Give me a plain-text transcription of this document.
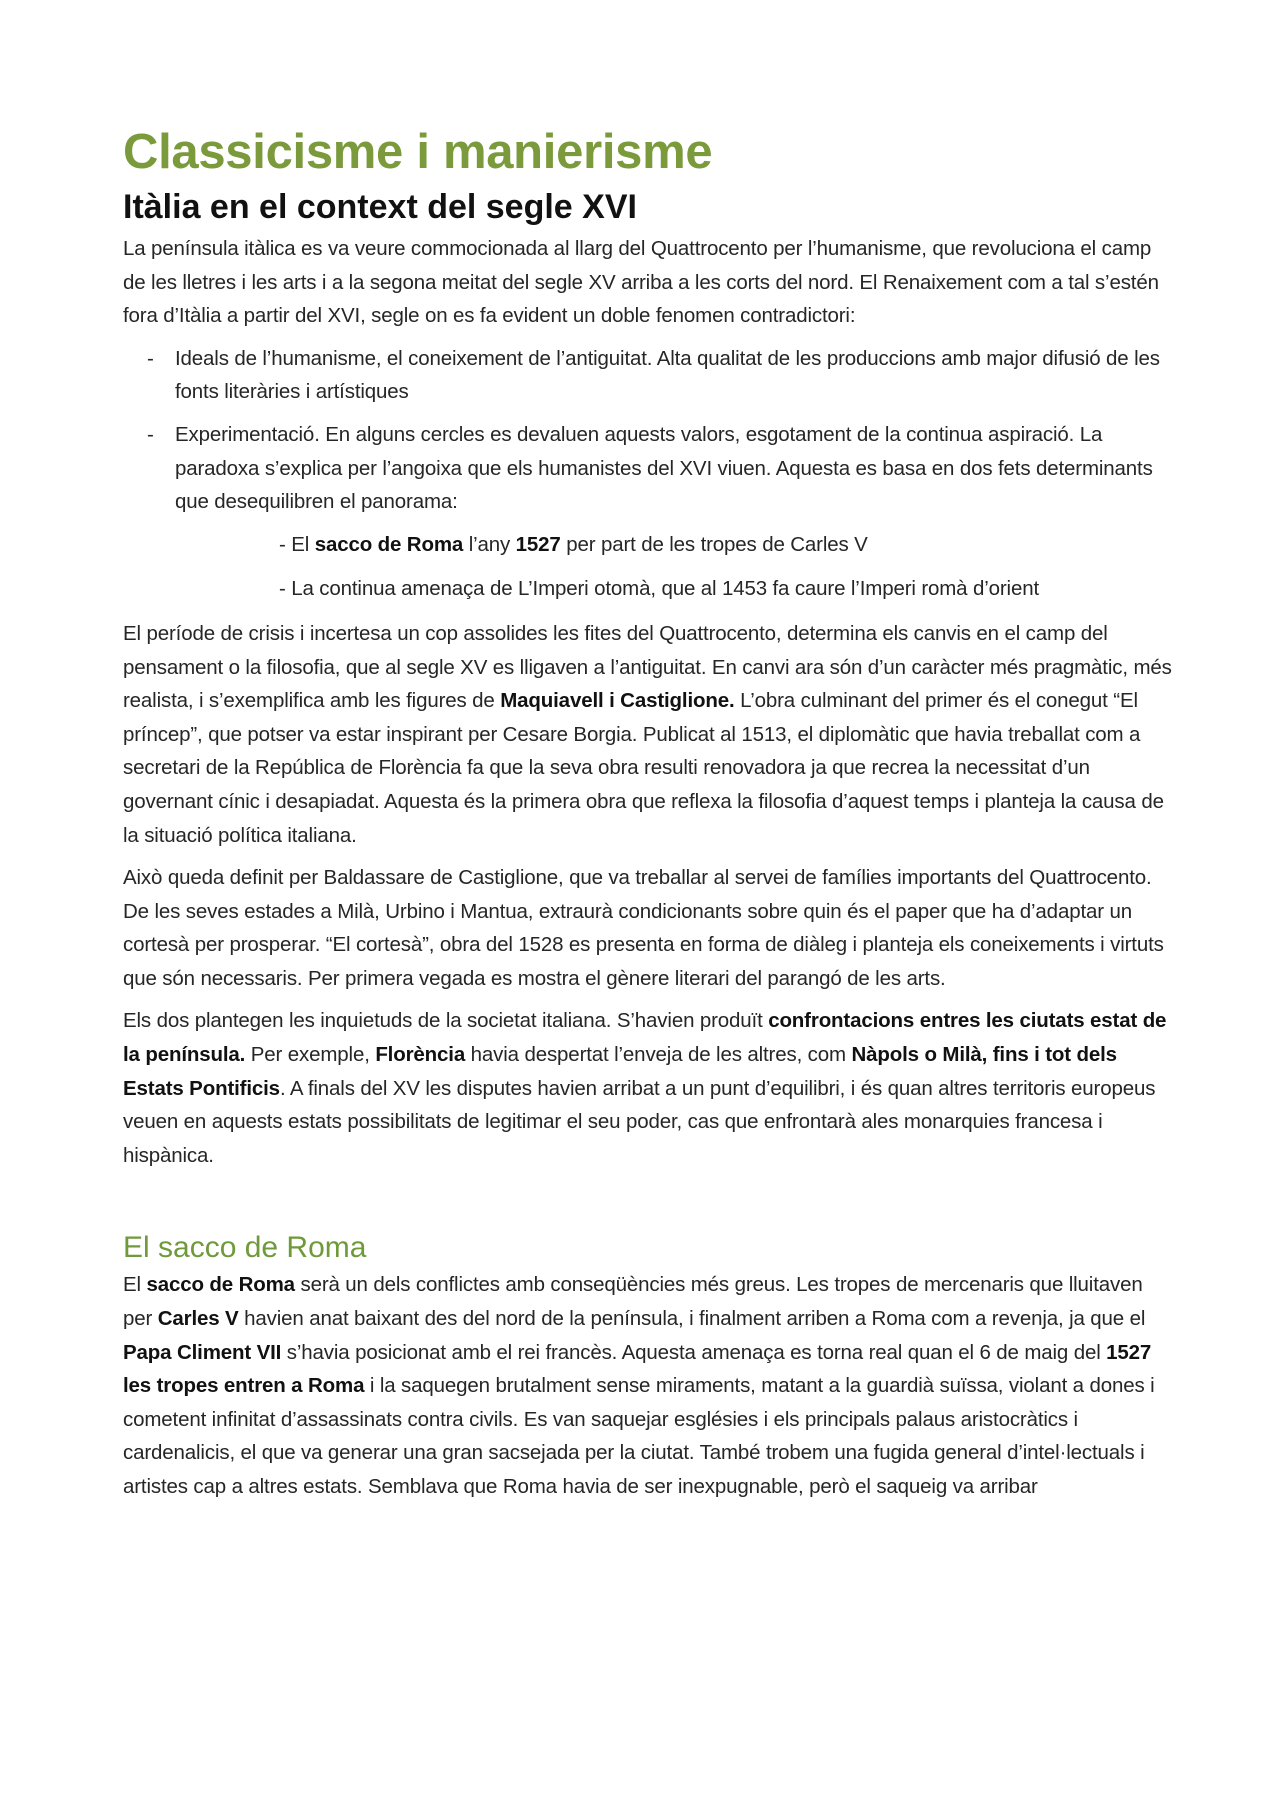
Classicisme i manierisme
Itàlia en el context del segle XVI

La península itàlica es va veure commocionada al llarg del Quattrocento per l’humanisme, que revoluciona el camp de les lletres i les arts i a la segona meitat del segle XV arriba a les corts del nord. El Renaixement com a tal s’estén fora d’Itàlia a partir del XVI, segle on es fa evident un doble fenomen contradictori:

- Ideals de l’humanisme, el coneixement de l’antiguitat. Alta qualitat de les produccions amb major difusió de les fonts literàries i artístiques
- Experimentació. En alguns cercles es devaluen aquests valors, esgotament de la continua aspiració. La paradoxa s’explica per l’angoixa que els humanistes del XVI viuen. Aquesta es basa en dos fets determinants que desequilibren el panorama:

- El sacco de Roma l’any 1527 per part de les tropes de Carles V

- La continua amenaça de L’Imperi otomà, que al 1453 fa caure l’Imperi romà d’orient

El període de crisis i incertesa un cop assolides les fites del Quattrocento, determina els canvis en el camp del pensament o la filosofia, que al segle XV es lligaven a l’antiguitat. En canvi ara són d’un caràcter més pragmàtic, més realista, i s’exemplifica amb les figures de Maquiavell i Castiglione. L’obra culminant del primer és el conegut “El príncep”, que potser va estar inspirant per Cesare Borgia. Publicat al 1513, el diplomàtic que havia treballat com a secretari de la República de Florència fa que la seva obra resulti renovadora ja que recrea la necessitat d’un governant cínic i desapiadat. Aquesta és la primera obra que reflexa la filosofia d’aquest temps i planteja la causa de la situació política italiana.

Això queda definit per Baldassare de Castiglione, que va treballar al servei de famílies importants del Quattrocento. De les seves estades a Milà, Urbino i Mantua, extraurà condicionants sobre quin és el paper que ha d’adaptar un cortesà per prosperar. “El cortesà”, obra del 1528 es presenta en forma de diàleg i planteja els coneixements i virtuts que són necessaris. Per primera vegada es mostra el gènere literari del parangó de les arts.

Els dos plantegen les inquietuds de la societat italiana. S’havien produït confrontacions entres les ciutats estat de la península. Per exemple, Florència havia despertat l’enveja de les altres, com Nàpols o Milà, fins i tot dels Estats Pontificis. A finals del XV les disputes havien arribat a un punt d’equilibri, i és quan altres territoris europeus veuen en aquests estats possibilitats de legitimar el seu poder, cas que enfrontarà ales monarquies francesa i hispànica.

El sacco de Roma

El sacco de Roma serà un dels conflictes amb conseqüències més greus. Les tropes de mercenaris que lluitaven per Carles V havien anat baixant des del nord de la península, i finalment arriben a Roma com a revenja, ja que el Papa Climent VII s’havia posicionat amb el rei francès. Aquesta amenaça es torna real quan el 6 de maig del 1527 les tropes entren a Roma i la saquegen brutalment sense miraments, matant a la guardià suïssa, violant a dones i cometent infinitat d’assassinats contra civils. Es van saquejar esglésies i els principals palaus aristocràtics i cardenalicis, el que va generar una gran sacsejada per la ciutat. També trobem una fugida general d’intel·lectuals i artistes cap a altres estats. Semblava que Roma havia de ser inexpugnable, però el saqueig va arribar
